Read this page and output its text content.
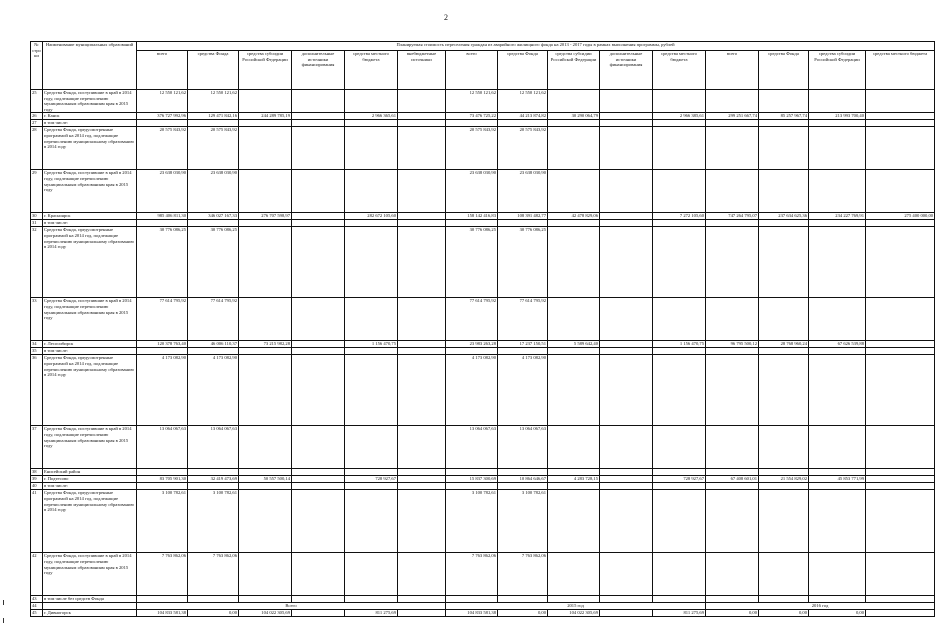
2
№ строки	Наименование муниципальных образований	Планируемая стоимость переселения граждан из аварийного жилищного фонда на 2013 - 2017 годы в рамках выполнения программы, рублей														
		всего	средства Фонда	средства субсидии Российской Федерации	дополнительные источники финансирования	средства местного бюджета	внебюджетные источники	всего	средства Фонда	средства субсидии Российской Федерации	дополнительные источники финансирования	средства местного бюджета	всего	средства Фонда	средства субсидии Российской Федерации	средства местного бюджета
25	Средства Фонда, поступившие в край в 2014 году, подлежащие перечислению муниципальным образованиям края в 2015 году	12 550 121,62	12 550 121,62					12 550 121,62	12 550 121,62							
26	г. Канск	376 727 992,96	129 471 842,16	244 289 785,19		2 966 365,61		73 476 725,22	44 213 874,82	30 290 064,79		2 966 385,61	299 251 667,74	85 257 967,74	213 993 700,40	
27	в том числе:															
28	Средства Фонда, предусмотренные программой на 2014 год, подлежащие перечислению муниципальному образованию в 2014 году	20 575 843,92	20 575 843,92					20 575 843,92	20 575 843,92							
29	Средства Фонда, поступившие в край в 2014 году, подлежащие перечислению муниципальным образованиям края в 2015 году	23 638 030,90	23 638 030,90					23 638 030,90	23 638 030,90							
30	г. Красноярск	985 406 811,30	346 027 167,33	276 707 598,97		282 672 105,60		158 142 416,83	108 391 482,77	42 478 829,06		7 272 105,60	747 264 795,07	237 634 625,36	234 227 769,91	275 400 000,00
31	в том числе:															
32	Средства Фонда, предусмотренные программой на 2014 год, подлежащие перечислению муниципальному образованию в 2014 году	30 776 086,25	30 776 086,25					30 776 086,25	30 776 086,25							
33	Средства Фонда, поступившие в край в 2014 году, подлежащие перечислению муниципальным образованиям края в 2015 году	77 614 795,92	77 614 795,92					77 614 795,92	77 614 795,92							
34	г. Лесосибирск	120 378 763,40	46 006 110,37	73 215 982,28		1 156 470,75		23 983 263,28	17 237 150,51	5 589 642,40		1 156 470,75	96 795 500,12	28 768 960,24	67 626 539,88	
35	в том числе:															
36	Средства Фонда, предусмотренные программой на 2014 год, подлежащие перечислению муниципальному образованию в 2014 году	4 173 082,90	4 173 082,90					4 173 082,90	4 173 082,90							
37	Средства Фонда, поступившие в край в 2014 году, подлежащие перечислению муниципальным образованиям края в 2015 году	13 064 067,63	13 064 067,63					13 064 067,63	13 064 067,63							
38	Енисейский район															
39	г. Подтесово	83 705 901,30	32 419 473,69	50 557 500,14		728 927,67		15 837 300,69	10 864 646,67	4 283 728,15		728 927,67	67 408 601,01	21 554 829,02	45 853 771,99	
40	в том числе:															
41	Средства Фонда, предусмотренные программой на 2014 год, подлежащие перечислению муниципальному образованию в 2014 году	3 100 782,61	3 100 782,61					3 100 782,61	3 100 782,61							
42	Средства Фонда, поступившие в край в 2014 году, подлежащие перечислению муниципальным образованиям края в 2015 году	7 763 862,06	7 763 862,06					7 763 862,06	7 763 862,06							
43	в том числе без средств Фонда															
44		Всего						2015 год					2016 год			
45	г. Дивногорск	104 833 581,38	0,00	104 022 305,69		811 275,69		104 833 581,38	0,00	104 022 305,69		811 275,69	0,00	0,00	0,00	
